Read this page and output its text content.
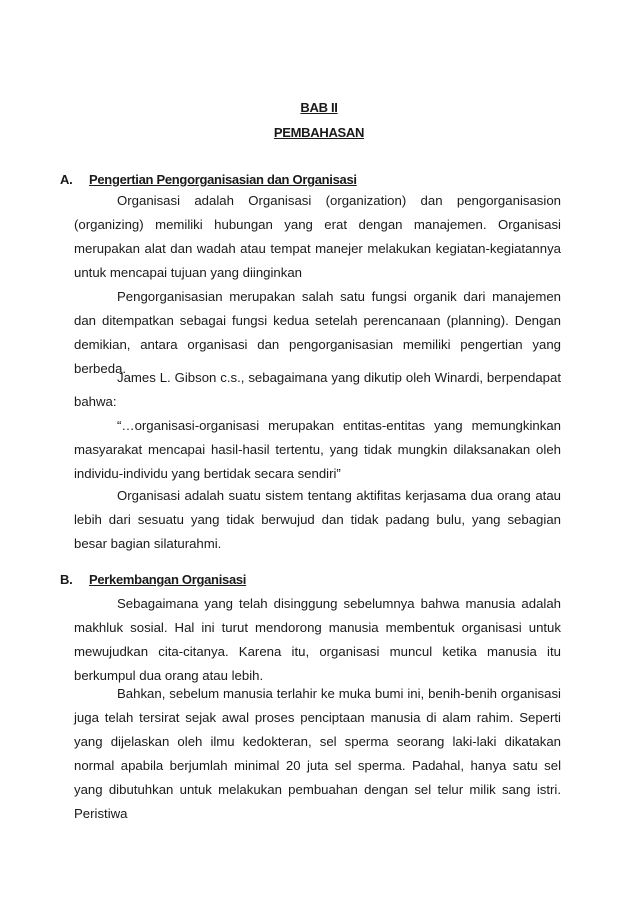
BAB II
PEMBAHASAN
A. Pengertian Pengorganisasian dan Organisasi
Organisasi adalah Organisasi (organization) dan pengorganisasion (organizing) memiliki hubungan yang erat dengan manajemen. Organisasi merupakan alat dan wadah atau tempat manejer melakukan kegiatan-kegiatannya untuk mencapai tujuan yang diinginkan
Pengorganisasian merupakan salah satu fungsi organik dari manajemen dan ditempatkan sebagai fungsi kedua setelah perencanaan (planning). Dengan demikian, antara organisasi dan pengorganisasian memiliki pengertian yang berbeda.
James L. Gibson c.s., sebagaimana yang dikutip oleh Winardi, berpendapat bahwa:
“…organisasi-organisasi merupakan entitas-entitas yang memungkinkan masyarakat mencapai hasil-hasil tertentu, yang tidak mungkin dilaksanakan oleh individu-individu yang bertidak secara sendiri”
Organisasi adalah suatu sistem tentang aktifitas kerjasama dua orang atau lebih dari sesuatu yang tidak berwujud dan tidak padang bulu, yang sebagian besar bagian silaturahmi.
B. Perkembangan Organisasi
Sebagaimana yang telah disinggung sebelumnya bahwa manusia adalah makhluk sosial. Hal ini turut mendorong manusia membentuk organisasi untuk mewujudkan cita-citanya. Karena itu, organisasi muncul ketika manusia itu berkumpul dua orang atau lebih.
Bahkan, sebelum manusia terlahir ke muka bumi ini, benih-benih organisasi juga telah tersirat sejak awal proses penciptaan manusia di alam rahim. Seperti yang dijelaskan oleh ilmu kedokteran, sel sperma seorang laki-laki dikatakan normal apabila berjumlah minimal 20 juta sel sperma. Padahal, hanya satu sel yang dibutuhkan untuk melakukan pembuahan dengan sel telur milik sang istri. Peristiwa
